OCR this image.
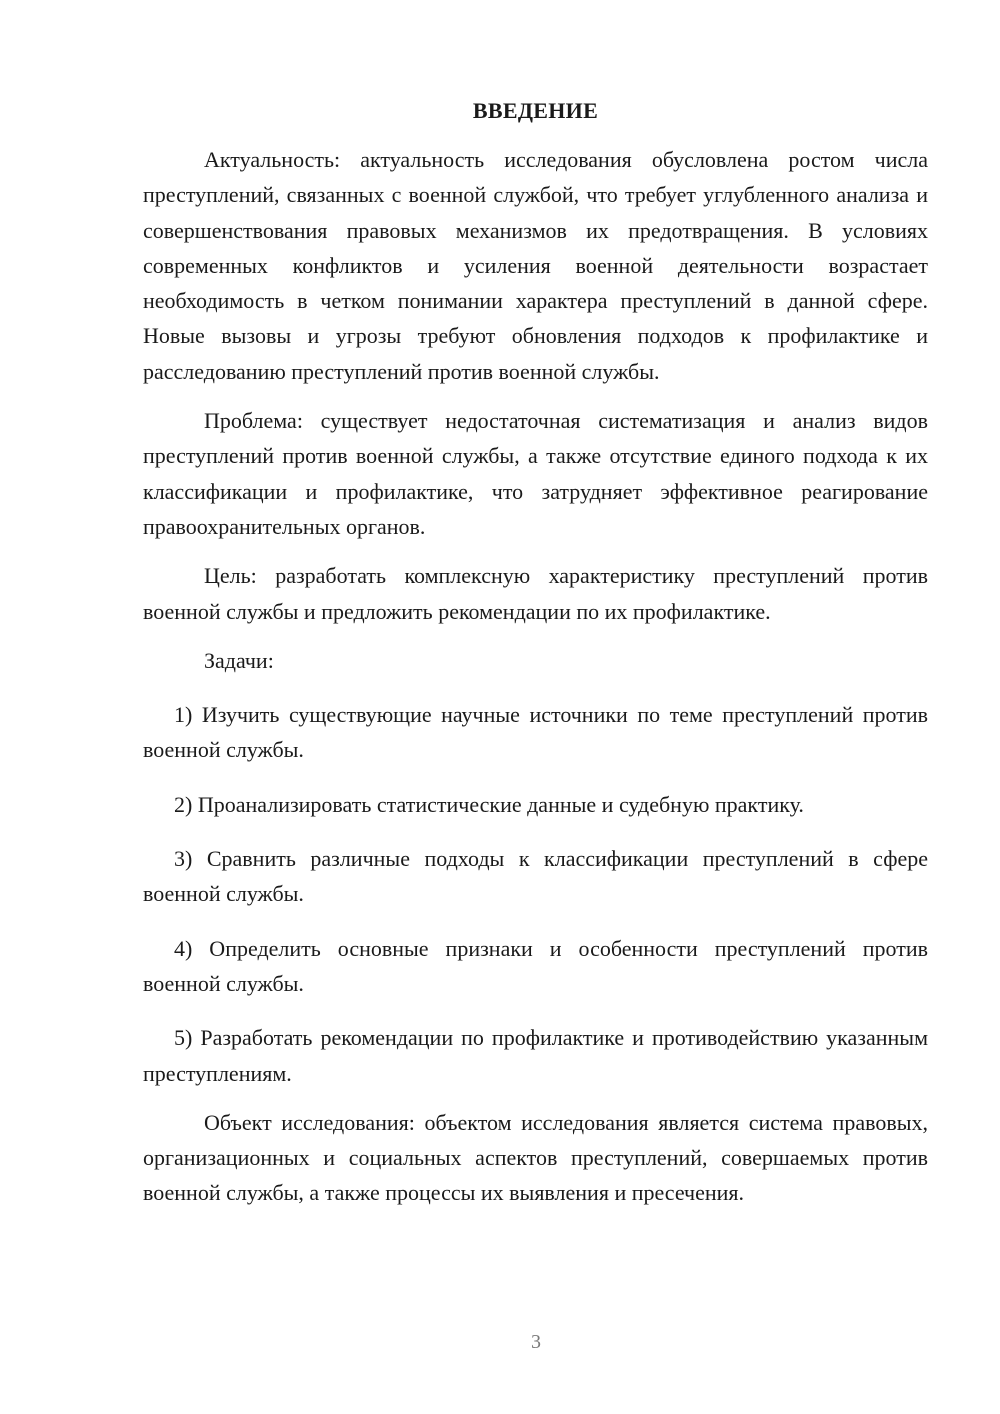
ВВЕДЕНИЕ

Актуальность: актуальность исследования обусловлена ростом числа преступлений, связанных с военной службой, что требует углубленного анализа и совершенствования правовых механизмов их предотвращения. В условиях современных конфликтов и усиления военной деятельности возрастает необходимость в четком понимании характера преступлений в данной сфере. Новые вызовы и угрозы требуют обновления подходов к профилактике и расследованию преступлений против военной службы.

Проблема: существует недостаточная систематизация и анализ видов преступлений против военной службы, а также отсутствие единого подхода к их классификации и профилактике, что затрудняет эффективное реагирование правоохранительных органов.

Цель: разработать комплексную характеристику преступлений против военной службы и предложить рекомендации по их профилактике.

Задачи:

1) Изучить существующие научные источники по теме преступлений против военной службы.

2) Проанализировать статистические данные и судебную практику.

3) Сравнить различные подходы к классификации преступлений в сфере военной службы.

4) Определить основные признаки и особенности преступлений против военной службы.

5) Разработать рекомендации по профилактике и противодействию указанным преступлениям.

Объект исследования: объектом исследования является система правовых, организационных и социальных аспектов преступлений, совершаемых против военной службы, а также процессы их выявления и пресечения.

3
